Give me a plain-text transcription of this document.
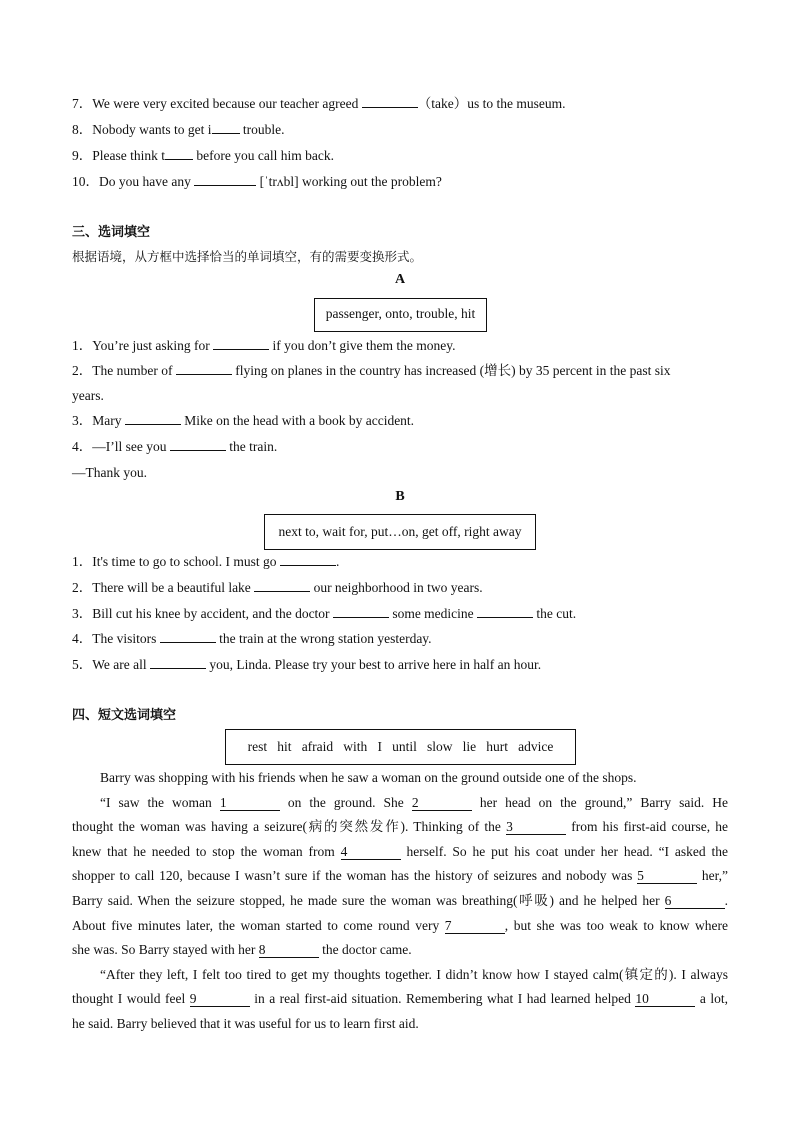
7．We were very excited because our teacher agreed	（take）us to the museum.
8．Nobody wants to get i trouble.
9．Please think t before you call him back.
10．Do you have any	[ˈtrʌbl] working out the problem?
三、选词填空
根据语境，从方框中选择恰当的单词填空，有的需要变换形式。
A
passenger, onto, trouble, hit
1．You’re just asking for	if you don’t give them the money.
2．The number of	flying on planes in the country has increased (增长) by 35 percent in the past six
years.
3．Mary	Mike on the head with a book by accident.
4．—I’ll see you	the train.
—Thank you.
B
next to, wait for, put…on, get off, right away
1．It's time to go to school. I must go	.
2．There will be a beautiful lake	our neighborhood in two years.
3．Bill cut his knee by accident, and the doctor	some medicine	the cut.
4．The visitors	the train at the wrong station yesterday.
5．We are all	you, Linda. Please try your best to arrive here in half an hour.
四、短文选词填空
rest hit afraid with I until slow lie hurt advice
Barry was shopping with his friends when he saw a woman on the ground outside one of the shops.
“I saw the woman 1	on the ground. She 2	her head on the ground,” Barry said. He
thought the woman was having a seizure(病的突然发作). Thinking of the 3	from his first-aid course, he
knew that he needed to stop the woman from 4	herself. So he put his coat under her head. “I asked the
shopper to call 120, because I wasn’t sure if the woman has the history of seizures and nobody was 5	her,”
Barry said. When the seizure stopped, he made sure the woman was breathing(呼吸) and he helped her 6	.
About five minutes later, the woman started to come round very 7	, but she was too weak to know where
she was. So Barry stayed with her 8	the doctor came.
“After they left, I felt too tired to get my thoughts together. I didn’t know how I stayed calm(镇定的). I always
thought I would feel 9	in a real first-aid situation. Remembering what I had learned helped 10	a lot,
he said. Barry believed that it was useful for us to learn first aid.
